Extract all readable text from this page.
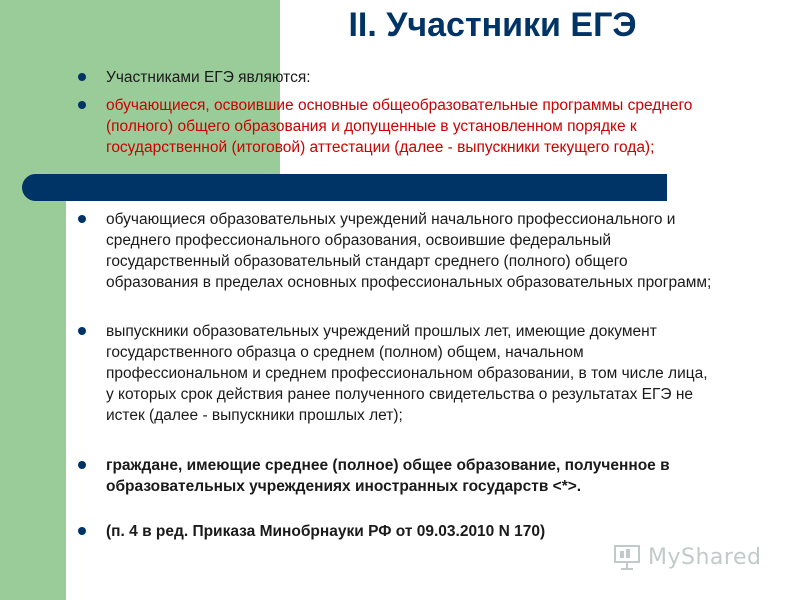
II. Участники ЕГЭ
Участниками ЕГЭ являются:
обучающиеся, освоившие основные общеобразовательные программы среднего (полного) общего образования и допущенные в установленном порядке к государственной (итоговой) аттестации (далее - выпускники текущего года);
обучающиеся образовательных учреждений начального профессионального и среднего профессионального образования, освоившие федеральный государственный образовательный стандарт среднего (полного) общего образования в пределах основных профессиональных образовательных программ;
выпускники образовательных учреждений прошлых лет, имеющие документ государственного образца о среднем (полном) общем, начальном профессиональном и среднем профессиональном образовании, в том числе лица, у которых срок действия ранее полученного свидетельства о результатах ЕГЭ не истек (далее - выпускники прошлых лет);
граждане, имеющие среднее (полное) общее образование, полученное в образовательных учреждениях иностранных государств <*>.
(п. 4 в ред. Приказа Минобрнауки РФ от 09.03.2010 N 170)
MyShared
